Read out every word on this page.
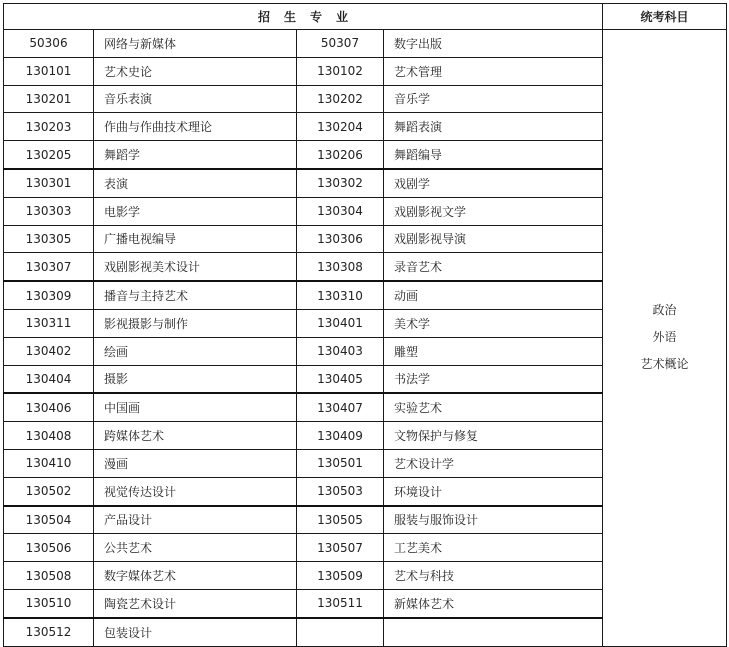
招生专业				统考科目
50306	网络与新媒体	50307	数字出版	政治
外语
艺术概论

130101	艺术史论	130102	艺术管理	
130201	音乐表演	130202	音乐学	
130203	作曲与作曲技术理论	130204	舞蹈表演	
130205	舞蹈学	130206	舞蹈编导	
130301	表演	130302	戏剧学	
130303	电影学	130304	戏剧影视文学	
130305	广播电视编导	130306	戏剧影视导演	
130307	戏剧影视美术设计	130308	录音艺术	
130309	播音与主持艺术	130310	动画	
130311	影视摄影与制作	130401	美术学	
130402	绘画	130403	雕塑	
130404	摄影	130405	书法学	
130406	中国画	130407	实验艺术	
130408	跨媒体艺术	130409	文物保护与修复	
130410	漫画	130501	艺术设计学	
130502	视觉传达设计	130503	环境设计	
130504	产品设计	130505	服装与服饰设计	
130506	公共艺术	130507	工艺美术	
130508	数字媒体艺术	130509	艺术与科技	
130510	陶瓷艺术设计	130511	新媒体艺术	
130512	包装设计			
